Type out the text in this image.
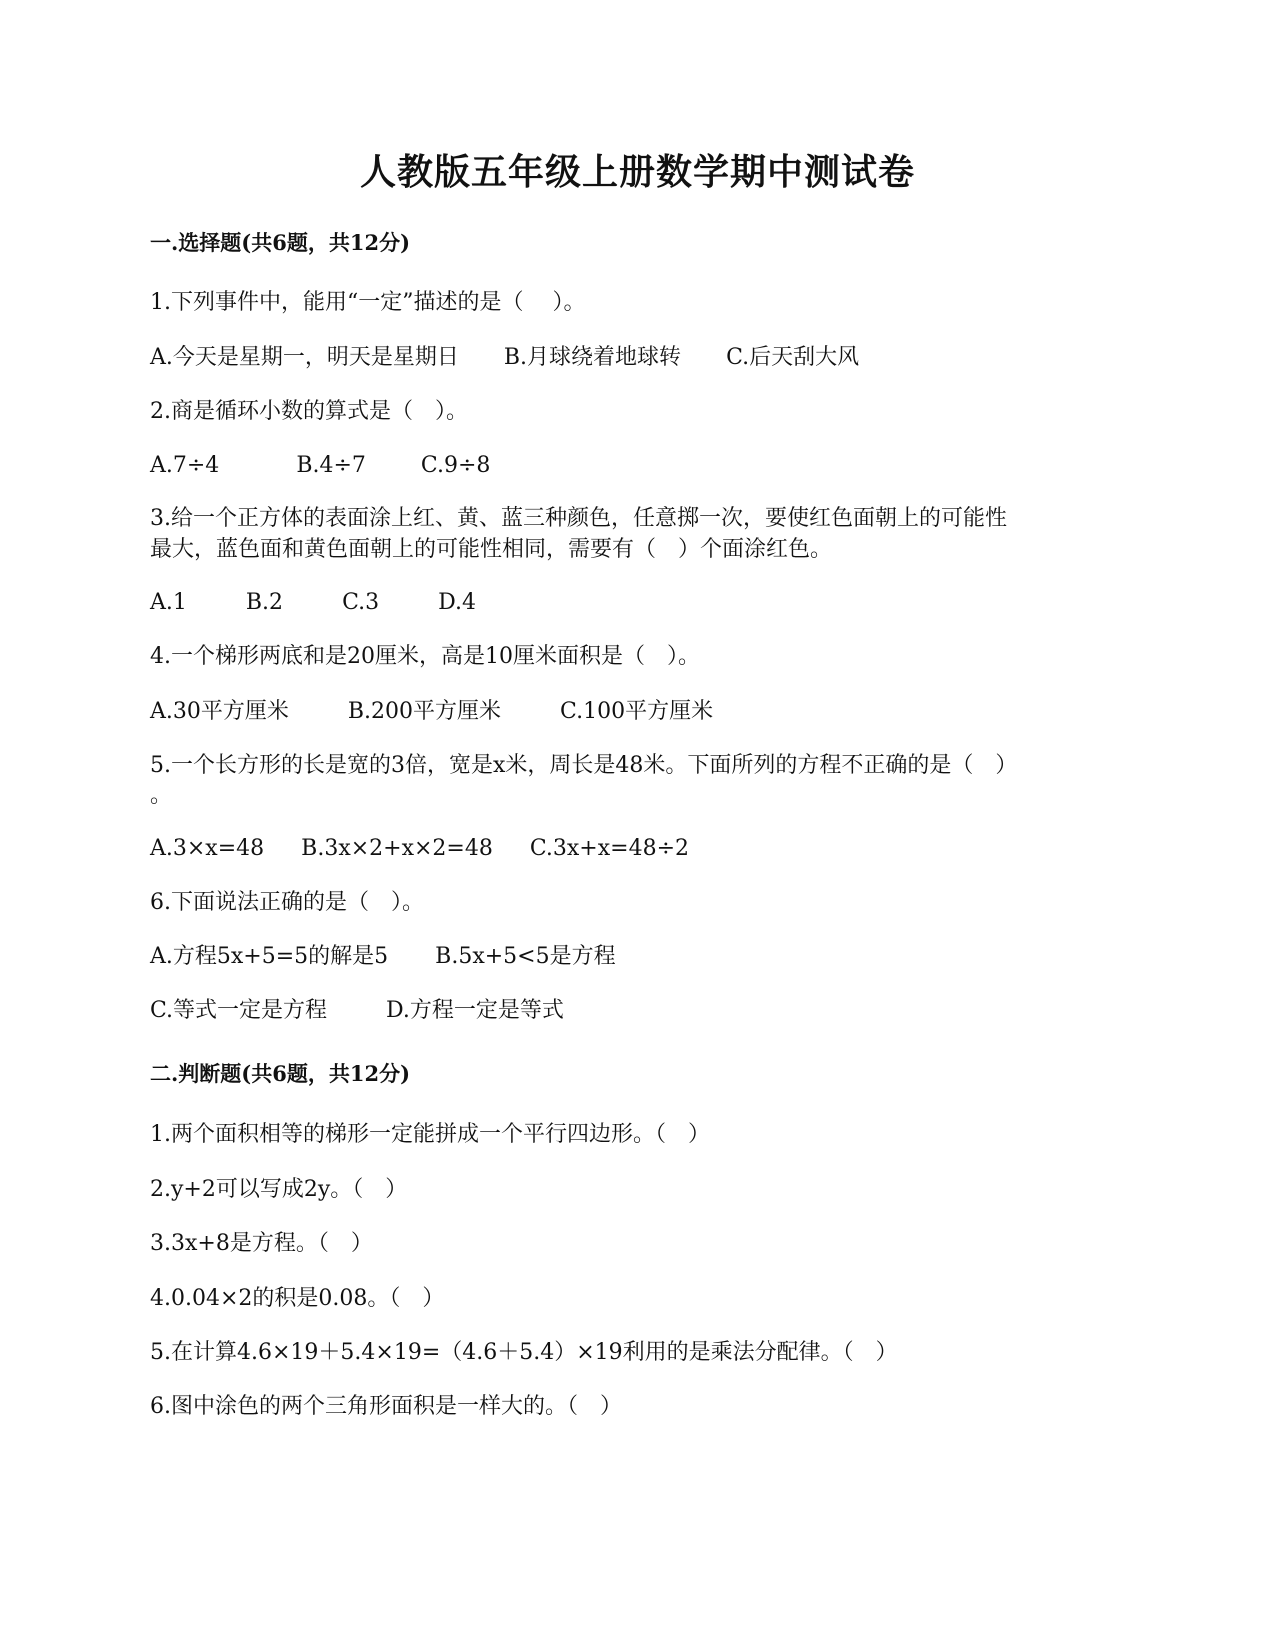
人教版五年级上册数学期中测试卷
一.选择题(共6题，共12分)
1.下列事件中，能用“一定”描述的是（　 ）。
A.今天是星期一，明天是星期日 B.月球绕着地球转 C.后天刮大风
2.商是循环小数的算式是（　）。
A.7÷4	B.4÷7	C.9÷8
3.给一个正方体的表面涂上红、黄、蓝三种颜色，任意掷一次，要使红色面朝上的可能性
最大，蓝色面和黄色面朝上的可能性相同，需要有（　）个面涂红色。
A.1	B.2	C.3	D.4
4.一个梯形两底和是20厘米，高是10厘米面积是（　）。
A.30平方厘米	B.200平方厘米	C.100平方厘米
5.一个长方形的长是宽的3倍，宽是x米，周长是48米。下面所列的方程不正确的是（　）
。
A.3×x=48 B.3x×2+x×2=48 C.3x+x=48÷2
6.下面说法正确的是（　）。
A.方程5x+5=5的解是5 B.5x+5<5是方程
C.等式一定是方程	D.方程一定是等式
二.判断题(共6题，共12分)
1.两个面积相等的梯形一定能拼成一个平行四边形。（　）
2.y+2可以写成2y。（　）
3.3x+8是方程。（　）
4.0.04×2的积是0.08。（　）
5.在计算4.6×19＋5.4×19=（4.6＋5.4）×19利用的是乘法分配律。（　）
6.图中涂色的两个三角形面积是一样大的。（　）
